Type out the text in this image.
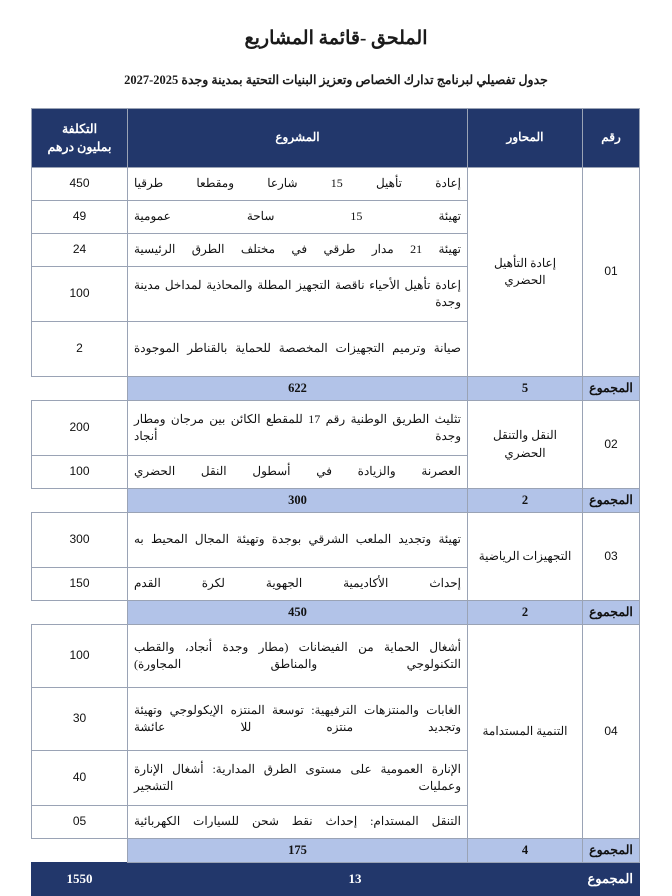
الملحق -قائمة المشاريع
جدول تفصيلي لبرنامج تدارك الخصاص وتعزيز البنيات التحتية بمدينة وجدة 2025-2027
رقم	المحاور	المشروع	التكلفة
بمليون درهم

01	إعادة التأهيل الحضري	إعادة تأهيل 15 شارعا ومقطعا طرقيا	450
		تهيئة 15 ساحة عمومية	49
		تهيئة 21 مدار طرقي في مختلف الطرق الرئيسية	24
		إعادة تأهيل الأحياء ناقصة التجهيز المطلة والمحاذية لمداخل مدينة وجدة	100
		صيانة وترميم التجهيزات المخصصة للحماية بالقناطر الموجودة	2
المجموع	5	622	
02	النقل والتنقل الحضري	تثليث الطريق الوطنية رقم 17 للمقطع الكائن بين مرجان ومطار وجدة أنجاد	200
		العصرنة والزيادة في أسطول النقل الحضري	100
المجموع	2	300	
03	التجهيزات الرياضية	تهيئة وتجديد الملعب الشرقي بوجدة وتهيئة المجال المحيط به	300
		إحداث الأكاديمية الجهوية لكرة القدم	150
المجموع	2	450	
04	التنمية المستدامة	أشغال الحماية من الفيضانات (مطار وجدة أنجاد، والقطب التكنولوجي والمناطق المجاورة)	100
		الغابات والمنتزهات الترفيهية: توسعة المنتزه الإيكولوجي وتهيئة وتجديد منتزه للا عائشة	30
		الإنارة العمومية على مستوى الطرق المدارية: أشغال الإنارة وعمليات التشجير	40
		التنقل المستدام: إحداث نقط شحن للسيارات الكهربائية	05
المجموع	4	175	
المجموع	13		1550
